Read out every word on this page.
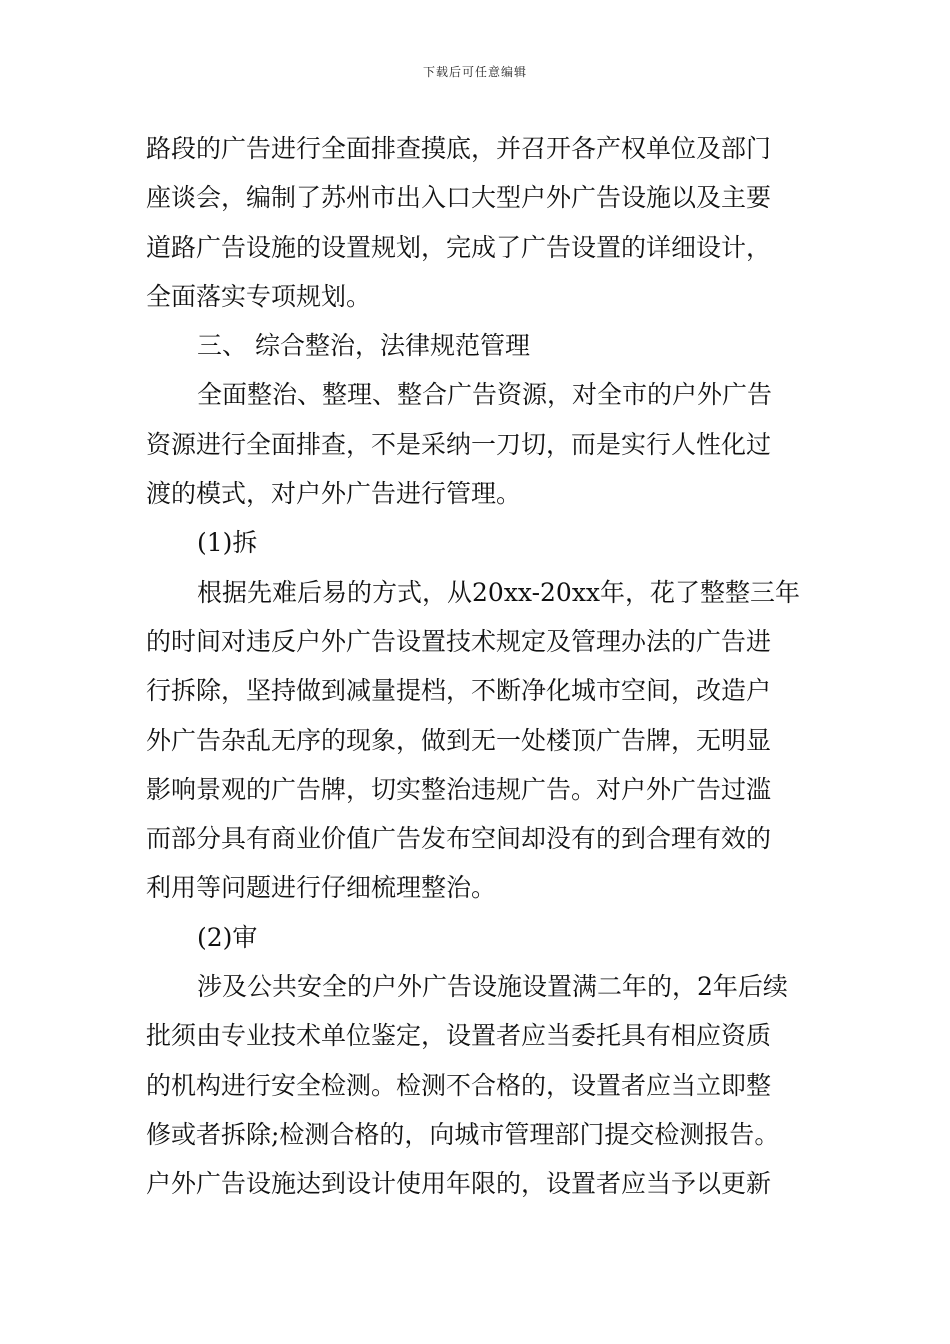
下载后可任意编辑
路段的广告进行全面排查摸底，并召开各产权单位及部门
座谈会，编制了苏州市出入口大型户外广告设施以及主要
道路广告设施的设置规划，完成了广告设置的详细设计，
全面落实专项规划。
三、 综合整治，法律规范管理
全面整治、整理、整合广告资源，对全市的户外广告
资源进行全面排查，不是采纳一刀切，而是实行人性化过
渡的模式，对户外广告进行管理。
(1)拆
根据先难后易的方式，从20xx-20xx年，花了整整三年
的时间对违反户外广告设置技术规定及管理办法的广告进
行拆除，坚持做到减量提档，不断净化城市空间，改造户
外广告杂乱无序的现象，做到无一处楼顶广告牌，无明显
影响景观的广告牌，切实整治违规广告。对户外广告过滥
而部分具有商业价值广告发布空间却没有的到合理有效的
利用等问题进行仔细梳理整治。
(2)审
涉及公共安全的户外广告设施设置满二年的，2年后续
批须由专业技术单位鉴定，设置者应当委托具有相应资质
的机构进行安全检测。检测不合格的，设置者应当立即整
修或者拆除;检测合格的，向城市管理部门提交检测报告。
户外广告设施达到设计使用年限的，设置者应当予以更新
